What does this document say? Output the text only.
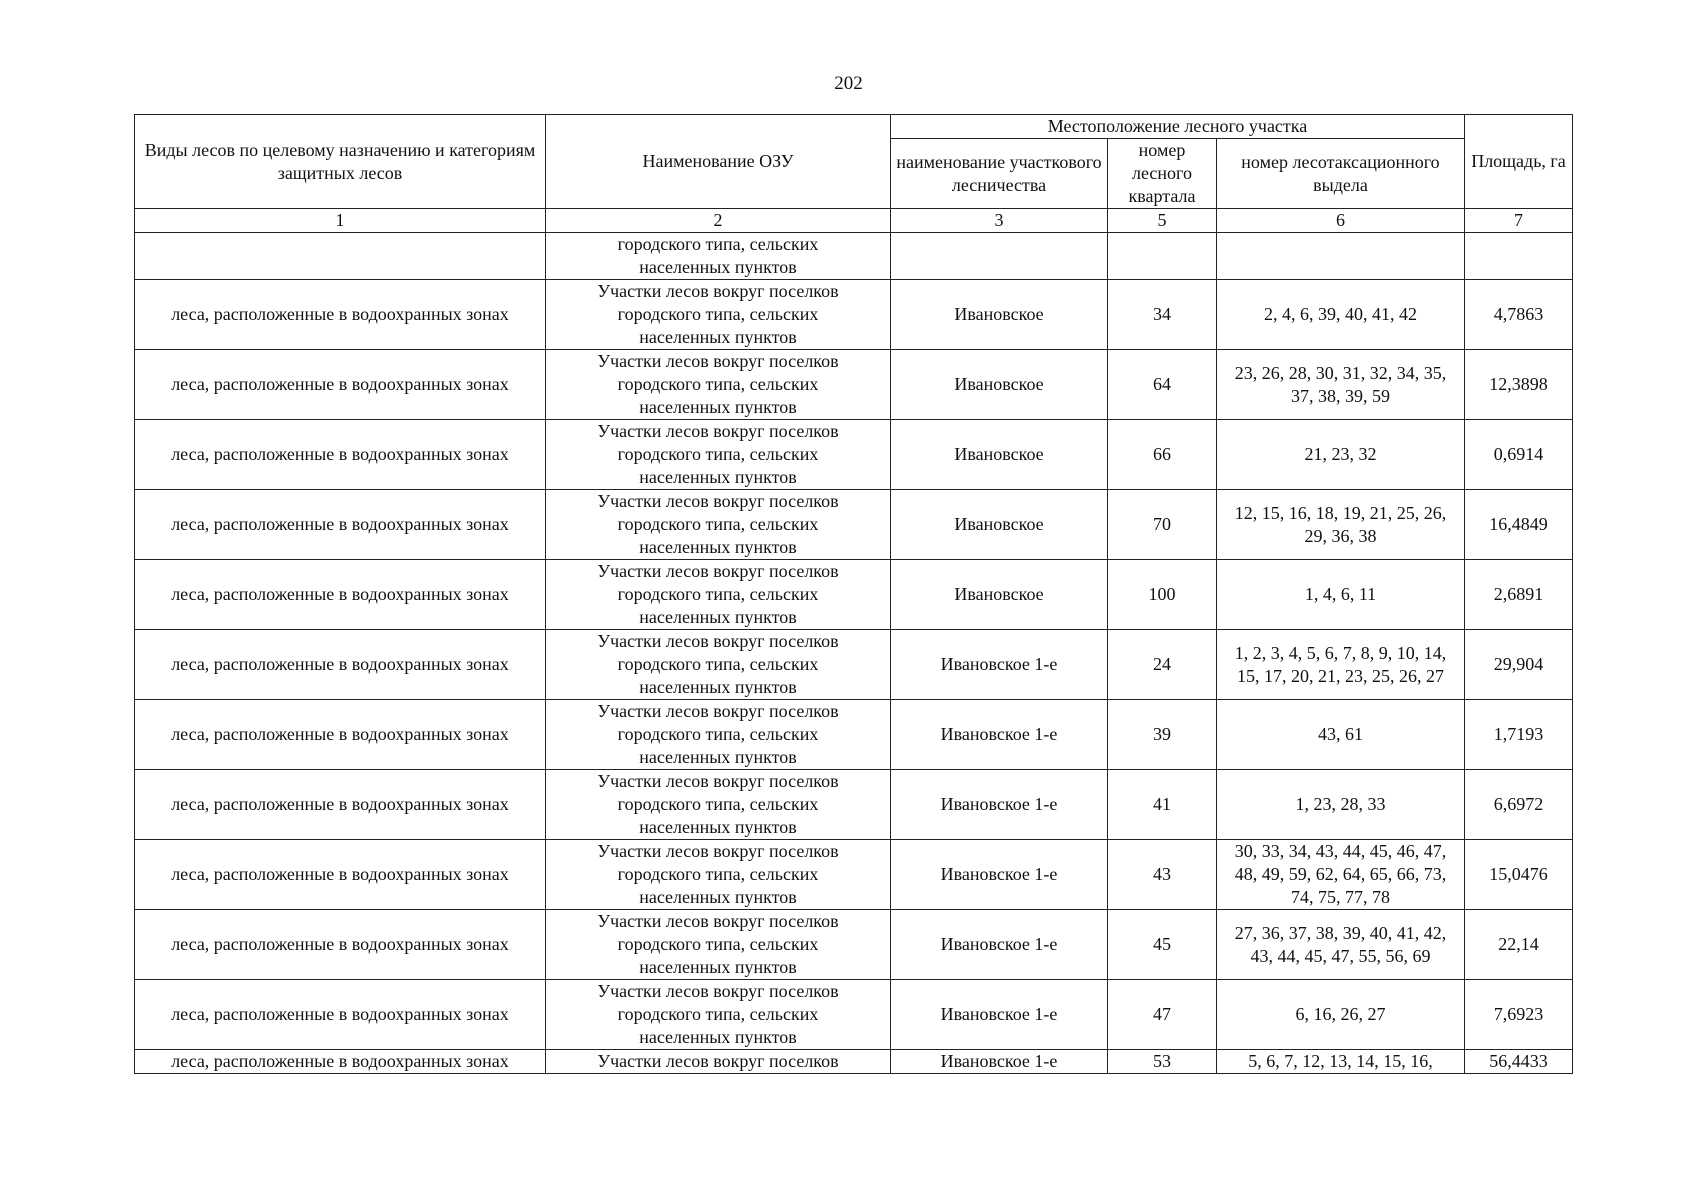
202
Виды лесов по целевому назначению и категориям защитных лесов	Наименование ОЗУ	Местоположение лесного участка			Площадь, га
		наименование участкового лесничества	номер лесного квартала	номер лесотаксационного выдела	
1	2	3	5	6	7
	городского типа, сельских населенных пунктов				
леса, расположенные в водоохранных зонах	Участки лесов вокруг поселков городского типа, сельских населенных пунктов	Ивановское	34	2, 4, 6, 39, 40, 41, 42	4,7863
леса, расположенные в водоохранных зонах	Участки лесов вокруг поселков городского типа, сельских населенных пунктов	Ивановское	64	23, 26, 28, 30, 31, 32, 34, 35, 37, 38, 39, 59	12,3898
леса, расположенные в водоохранных зонах	Участки лесов вокруг поселков городского типа, сельских населенных пунктов	Ивановское	66	21, 23, 32	0,6914
леса, расположенные в водоохранных зонах	Участки лесов вокруг поселков городского типа, сельских населенных пунктов	Ивановское	70	12, 15, 16, 18, 19, 21, 25, 26, 29, 36, 38	16,4849
леса, расположенные в водоохранных зонах	Участки лесов вокруг поселков городского типа, сельских населенных пунктов	Ивановское	100	1, 4, 6, 11	2,6891
леса, расположенные в водоохранных зонах	Участки лесов вокруг поселков городского типа, сельских населенных пунктов	Ивановское 1-е	24	1, 2, 3, 4, 5, 6, 7, 8, 9, 10, 14, 15, 17, 20, 21, 23, 25, 26, 27	29,904
леса, расположенные в водоохранных зонах	Участки лесов вокруг поселков городского типа, сельских населенных пунктов	Ивановское 1-е	39	43, 61	1,7193
леса, расположенные в водоохранных зонах	Участки лесов вокруг поселков городского типа, сельских населенных пунктов	Ивановское 1-е	41	1, 23, 28, 33	6,6972
леса, расположенные в водоохранных зонах	Участки лесов вокруг поселков городского типа, сельских населенных пунктов	Ивановское 1-е	43	30, 33, 34, 43, 44, 45, 46, 47, 48, 49, 59, 62, 64, 65, 66, 73, 74, 75, 77, 78	15,0476
леса, расположенные в водоохранных зонах	Участки лесов вокруг поселков городского типа, сельских населенных пунктов	Ивановское 1-е	45	27, 36, 37, 38, 39, 40, 41, 42, 43, 44, 45, 47, 55, 56, 69	22,14
леса, расположенные в водоохранных зонах	Участки лесов вокруг поселков городского типа, сельских населенных пунктов	Ивановское 1-е	47	6, 16, 26, 27	7,6923
леса, расположенные в водоохранных зонах	Участки лесов вокруг поселков	Ивановское 1-е	53	5, 6, 7, 12, 13, 14, 15, 16,	56,4433
